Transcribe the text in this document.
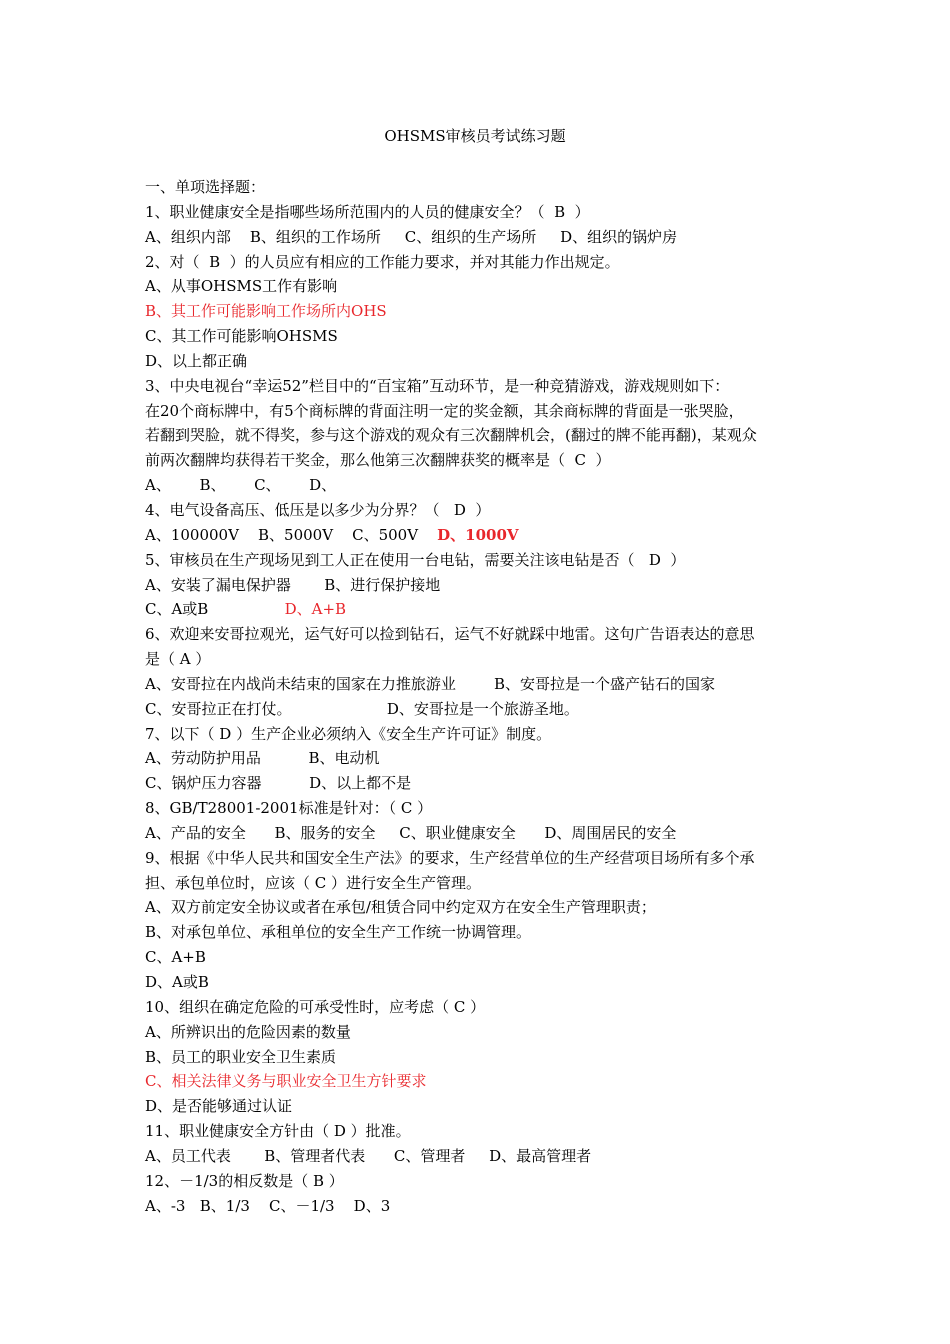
OHSMS审核员考试练习题
一、单项选择题：
1、职业健康安全是指哪些场所范围内的人员的健康安全？（  B  ）
A、组织内部    B、组织的工作场所     C、组织的生产场所     D、组织的锅炉房
2、对（  B  ）的人员应有相应的工作能力要求，并对其能力作出规定。
A、从事OHSMS工作有影响
B、其工作可能影响工作场所内OHS
C、其工作可能影响OHSMS
D、以上都正确
3、中央电视台“幸运52”栏目中的“百宝箱”互动环节，是一种竞猜游戏，游戏规则如下：
在20个商标牌中，有5个商标牌的背面注明一定的奖金额，其余商标牌的背面是一张哭脸，
若翻到哭脸，就不得奖，参与这个游戏的观众有三次翻牌机会，(翻过的牌不能再翻)，某观众
前两次翻牌均获得若干奖金，那么他第三次翻牌获奖的概率是（  C  ）
A、      B、      C、      D、
4、电气设备高压、低压是以多少为分界？（   D  ）
A、100000V    B、5000V    C、500V    D、1000V
5、审核员在生产现场见到工人正在使用一台电钻，需要关注该电钻是否（   D  ）
A、安装了漏电保护器       B、进行保护接地
C、A或B                D、A+B
6、欢迎来安哥拉观光，运气好可以捡到钻石，运气不好就踩中地雷。这句广告语表达的意思
是（ A ）
A、安哥拉在内战尚未结束的国家在力推旅游业        B、安哥拉是一个盛产钻石的国家
C、安哥拉正在打仗。                    D、安哥拉是一个旅游圣地。
7、以下（ D ）生产企业必须纳入《安全生产许可证》制度。
A、劳动防护用品          B、电动机
C、锅炉压力容器          D、以上都不是
8、GB/T28001-2001标准是针对：（ C ）
A、产品的安全      B、服务的安全     C、职业健康安全      D、周围居民的安全
9、根据《中华人民共和国安全生产法》的要求，生产经营单位的生产经营项目场所有多个承
担、承包单位时，应该（ C ）进行安全生产管理。
A、双方前定安全协议或者在承包/租赁合同中约定双方在安全生产管理职责；
B、对承包单位、承租单位的安全生产工作统一协调管理。
C、A+B
D、A或B
10、组织在确定危险的可承受性时，应考虑（ C ）
A、所辨识出的危险因素的数量
B、员工的职业安全卫生素质
C、相关法律义务与职业安全卫生方针要求
D、是否能够通过认证
11、职业健康安全方针由（ D ）批准。
A、员工代表       B、管理者代表      C、管理者     D、最高管理者
12、－1/3的相反数是（ B ）
A、-3   B、1/3    C、－1/3    D、3
